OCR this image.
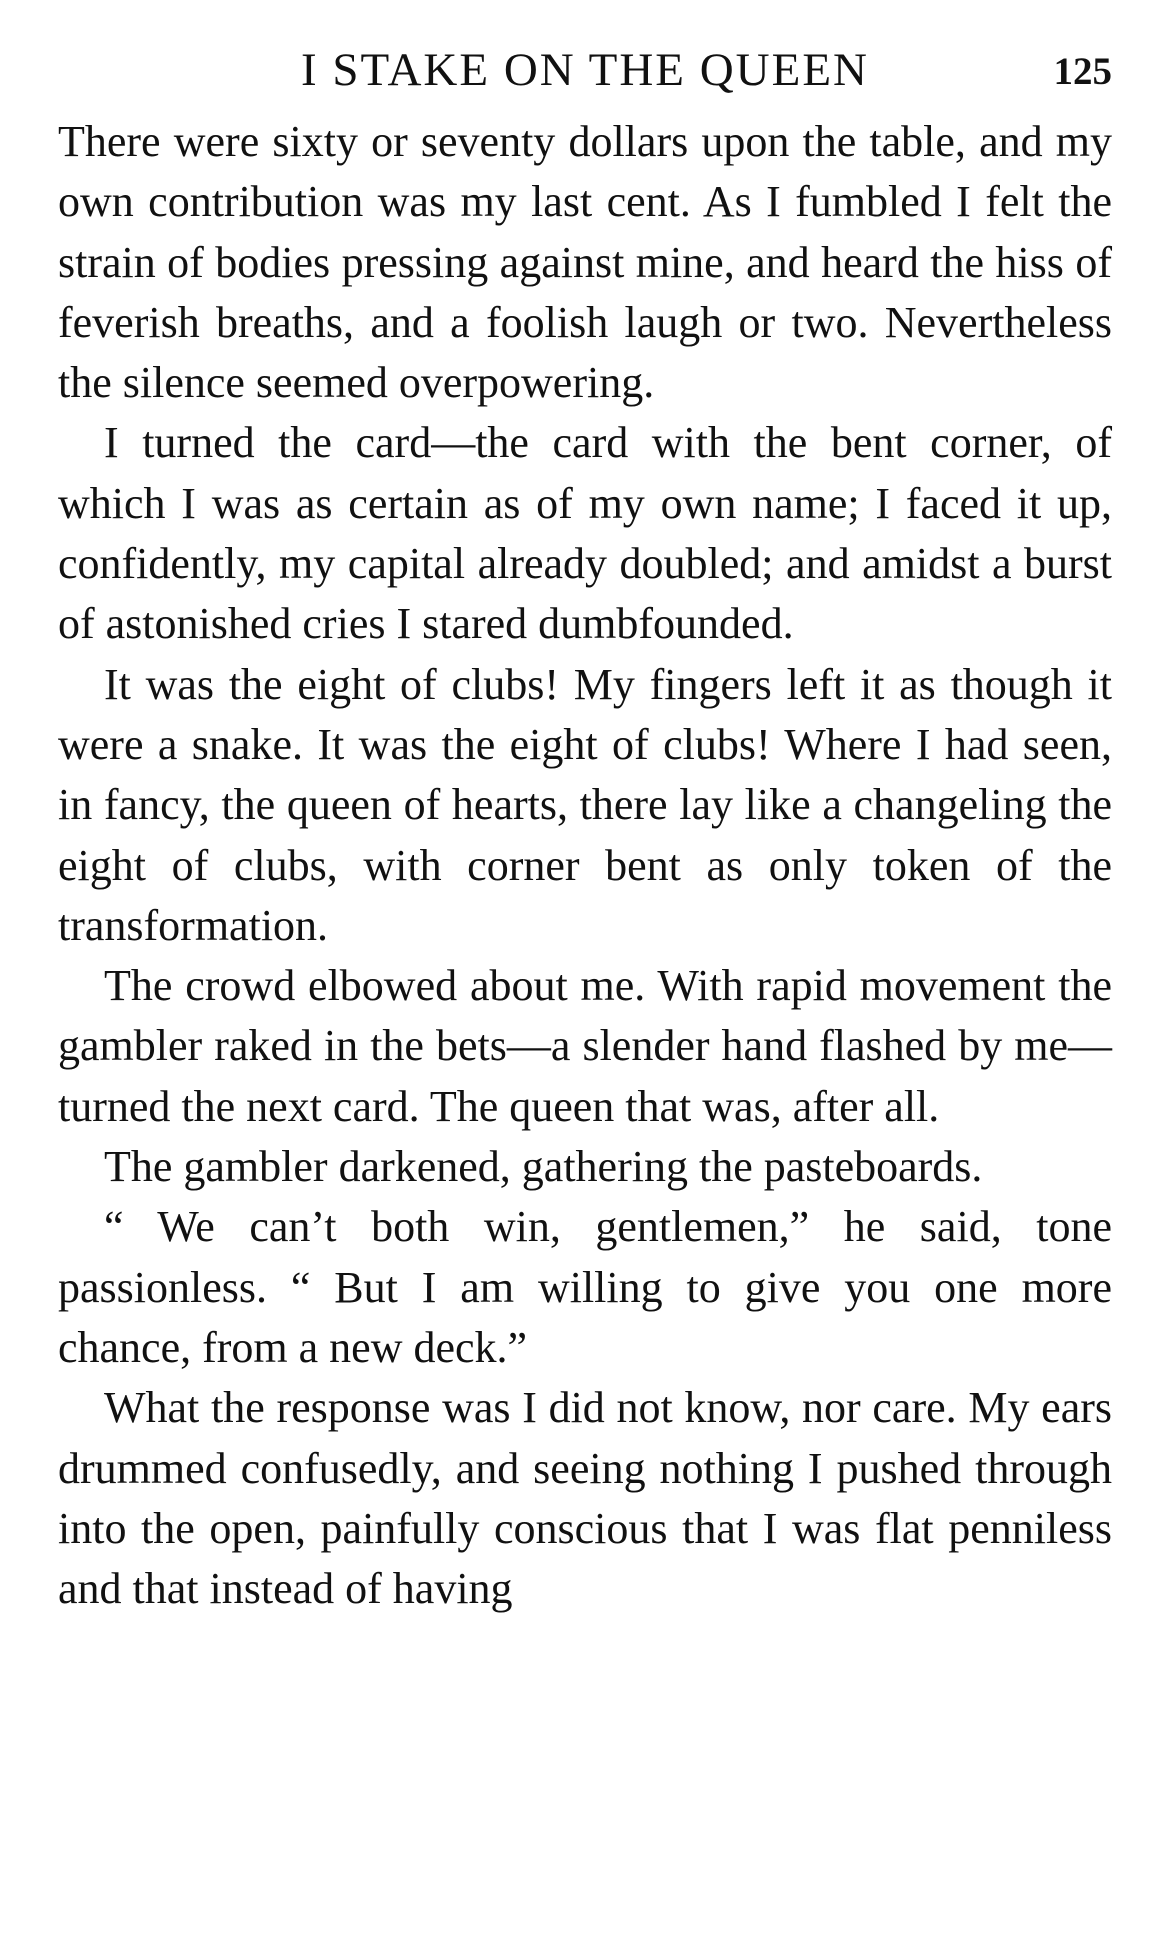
I STAKE ON THE QUEEN	125

There were sixty or seventy dollars upon the table, and my own contribution was my last cent. As I fumbled I felt the strain of bodies pressing against mine, and heard the hiss of feverish breaths, and a foolish laugh or two. Nevertheless the silence seemed overpowering.

I turned the card—the card with the bent corner, of which I was as certain as of my own name; I faced it up, confidently, my capital already doubled; and amidst a burst of astonished cries I stared dumbfounded.

It was the eight of clubs! My fingers left it as though it were a snake. It was the eight of clubs! Where I had seen, in fancy, the queen of hearts, there lay like a changeling the eight of clubs, with corner bent as only token of the transformation.

The crowd elbowed about me. With rapid movement the gambler raked in the bets—a slender hand flashed by me—turned the next card. The queen that was, after all.

The gambler darkened, gathering the pasteboards.

“ We can’t both win, gentlemen,” he said, tone passionless. “ But I am willing to give you one more chance, from a new deck.”

What the response was I did not know, nor care. My ears drummed confusedly, and seeing nothing I pushed through into the open, painfully conscious that I was flat penniless and that instead of having
